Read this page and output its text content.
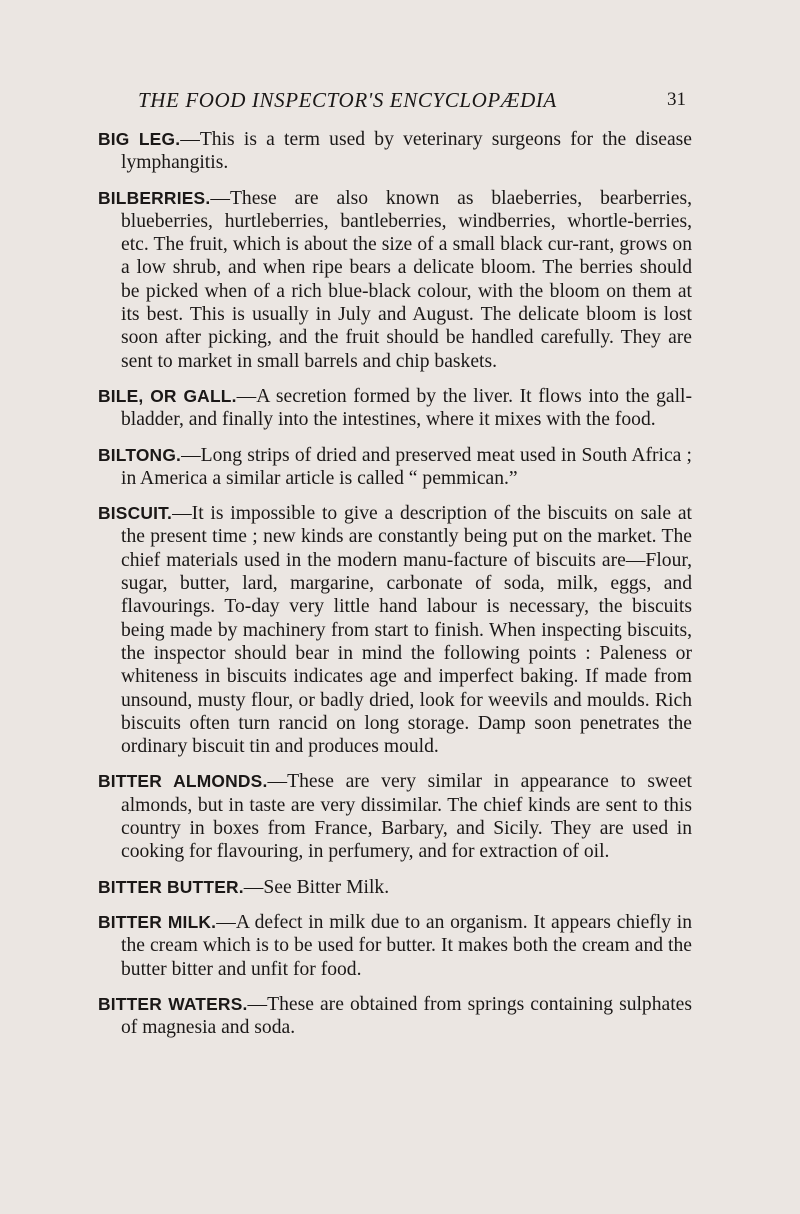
THE FOOD INSPECTOR'S ENCYCLOPÆDIA	31

BIG LEG.—This is a term used by veterinary surgeons for the disease lymphangitis.

BILBERRIES.—These are also known as blaeberries, bearberries, blueberries, hurtleberries, bantleberries, windberries, whortle-berries, etc. The fruit, which is about the size of a small black cur-rant, grows on a low shrub, and when ripe bears a delicate bloom. The berries should be picked when of a rich blue-black colour, with the bloom on them at its best. This is usually in July and August. The delicate bloom is lost soon after picking, and the fruit should be handled carefully. They are sent to market in small barrels and chip baskets.

BILE, OR GALL.—A secretion formed by the liver. It flows into the gall-bladder, and finally into the intestines, where it mixes with the food.

BILTONG.—Long strips of dried and preserved meat used in South Africa ; in America a similar article is called “ pemmican.”

BISCUIT.—It is impossible to give a description of the biscuits on sale at the present time ; new kinds are constantly being put on the market. The chief materials used in the modern manu-facture of biscuits are—Flour, sugar, butter, lard, margarine, carbonate of soda, milk, eggs, and flavourings. To-day very little hand labour is necessary, the biscuits being made by machinery from start to finish. When inspecting biscuits, the inspector should bear in mind the following points : Paleness or whiteness in biscuits indicates age and imperfect baking. If made from unsound, musty flour, or badly dried, look for weevils and moulds. Rich biscuits often turn rancid on long storage. Damp soon penetrates the ordinary biscuit tin and produces mould.

BITTER ALMONDS.—These are very similar in appearance to sweet almonds, but in taste are very dissimilar. The chief kinds are sent to this country in boxes from France, Barbary, and Sicily. They are used in cooking for flavouring, in perfumery, and for extraction of oil.

BITTER BUTTER.—See Bitter Milk.

BITTER MILK.—A defect in milk due to an organism. It appears chiefly in the cream which is to be used for butter. It makes both the cream and the butter bitter and unfit for food.

BITTER WATERS.—These are obtained from springs containing sulphates of magnesia and soda.
